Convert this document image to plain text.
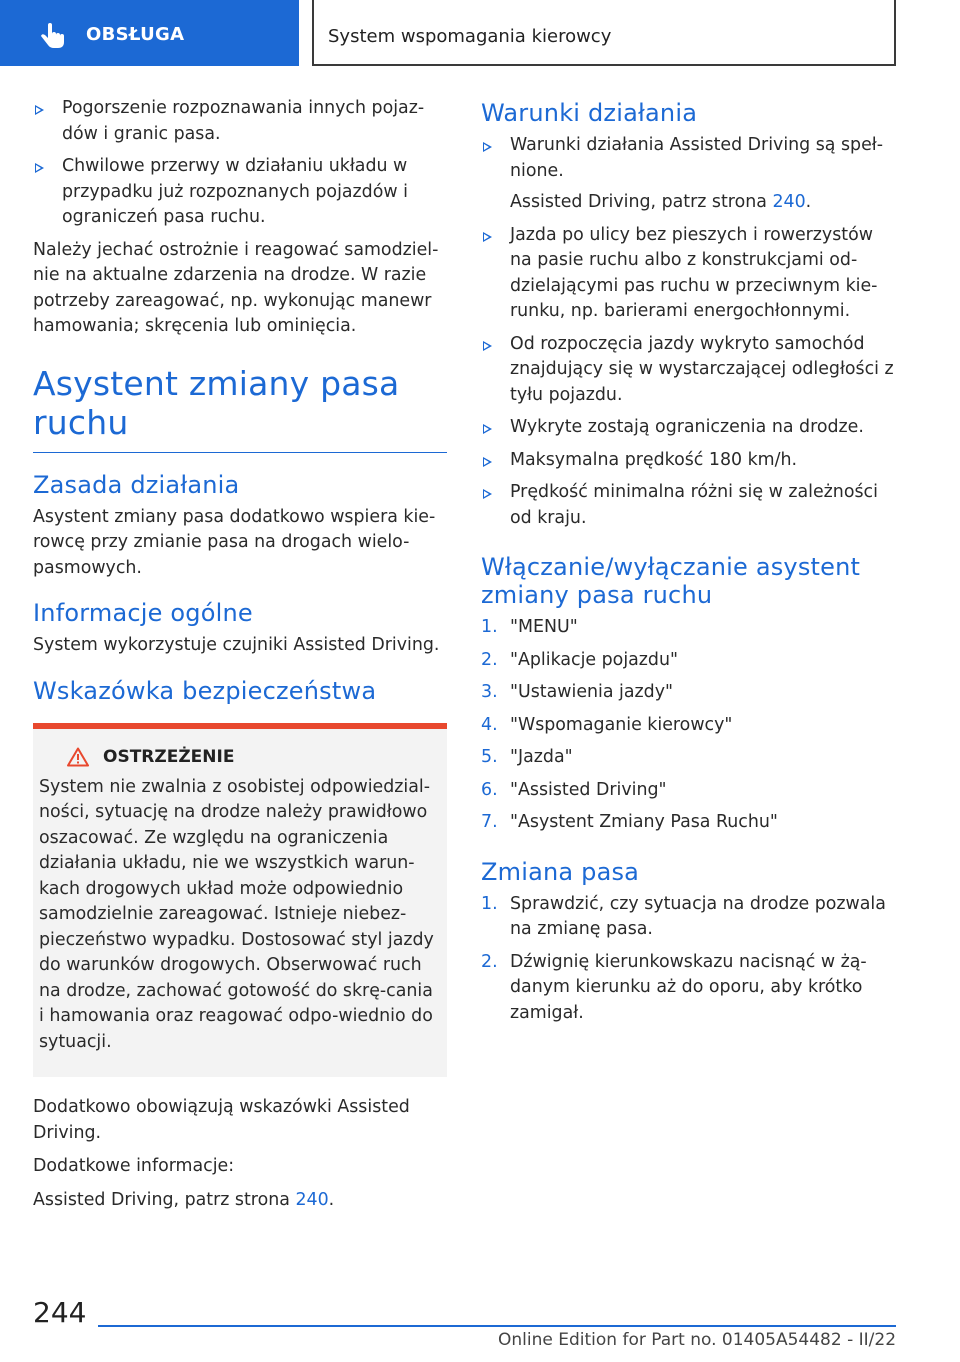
OBSŁUGA	System wspomagania kierowcy
Pogorszenie rozpoznawania innych pojaz-dów i granic pasa.
Chwilowe przerwy w działaniu układu w przypadku już rozpoznanych pojazdów i ograniczeń pasa ruchu.

Należy jechać ostrożnie i reagować samodziel-nie na aktualne zdarzenia na drodze. W razie potrzeby zareagować, np. wykonując manewr hamowania; skręcenia lub ominięcia.

Asystent zmiany pasa ruchu
Zasada działania

Asystent zmiany pasa dodatkowo wspiera kie-rowcę przy zmianie pasa na drogach wielo-pasmowych.

Informacje ogólne

System wykorzystuje czujniki Assisted Driving.

Wskazówka bezpieczeństwa
OSTRZEŻENIE

System nie zwalnia z osobistej odpowiedzial-ności, sytuację na drodze należy prawidłowo oszacować. Ze względu na ograniczenia działania układu, nie we wszystkich warun-kach drogowych układ może odpowiednio samodzielnie zareagować. Istnieje niebez-pieczeństwo wypadku. Dostosować styl jazdy do warunków drogowych. Obserwować ruch na drodze, zachować gotowość do skrę-cania i hamowania oraz reagować odpo-wiednio do sytuacji.

Dodatkowo obowiązują wskazówki Assisted Driving.

Dodatkowe informacje:

Assisted Driving, patrz strona 240.

Warunki działania
Warunki działania Assisted Driving są speł-nione.
Assisted Driving, patrz strona 240.
Jazda po ulicy bez pieszych i rowerzystów na pasie ruchu albo z konstrukcjami od-dzielającymi pas ruchu w przeciwnym kie-runku, np. barierami energochłonnymi.
Od rozpoczęcia jazdy wykryto samochód znajdujący się w wystarczającej odległości z tyłu pojazdu.
Wykryte zostają ograniczenia na drodze.
Maksymalna prędkość 180 km/h.
Prędkość minimalna różni się w zależności od kraju.
Włączanie/wyłączanie asystent zmiany pasa ruchu
1. "MENU"
2. "Aplikacje pojazdu"
3. "Ustawienia jazdy"
4. "Wspomaganie kierowcy"
5. "Jazda"
6. "Assisted Driving"
7. "Asystent Zmiany Pasa Ruchu"
Zmiana pasa
1. Sprawdzić, czy sytuacja na drodze pozwala na zmianę pasa.
2. Dźwignię kierunkowskazu nacisnąć w żą-danym kierunku aż do oporu, aby krótko zamigał.
244
Online Edition for Part no. 01405A54482 - II/22
